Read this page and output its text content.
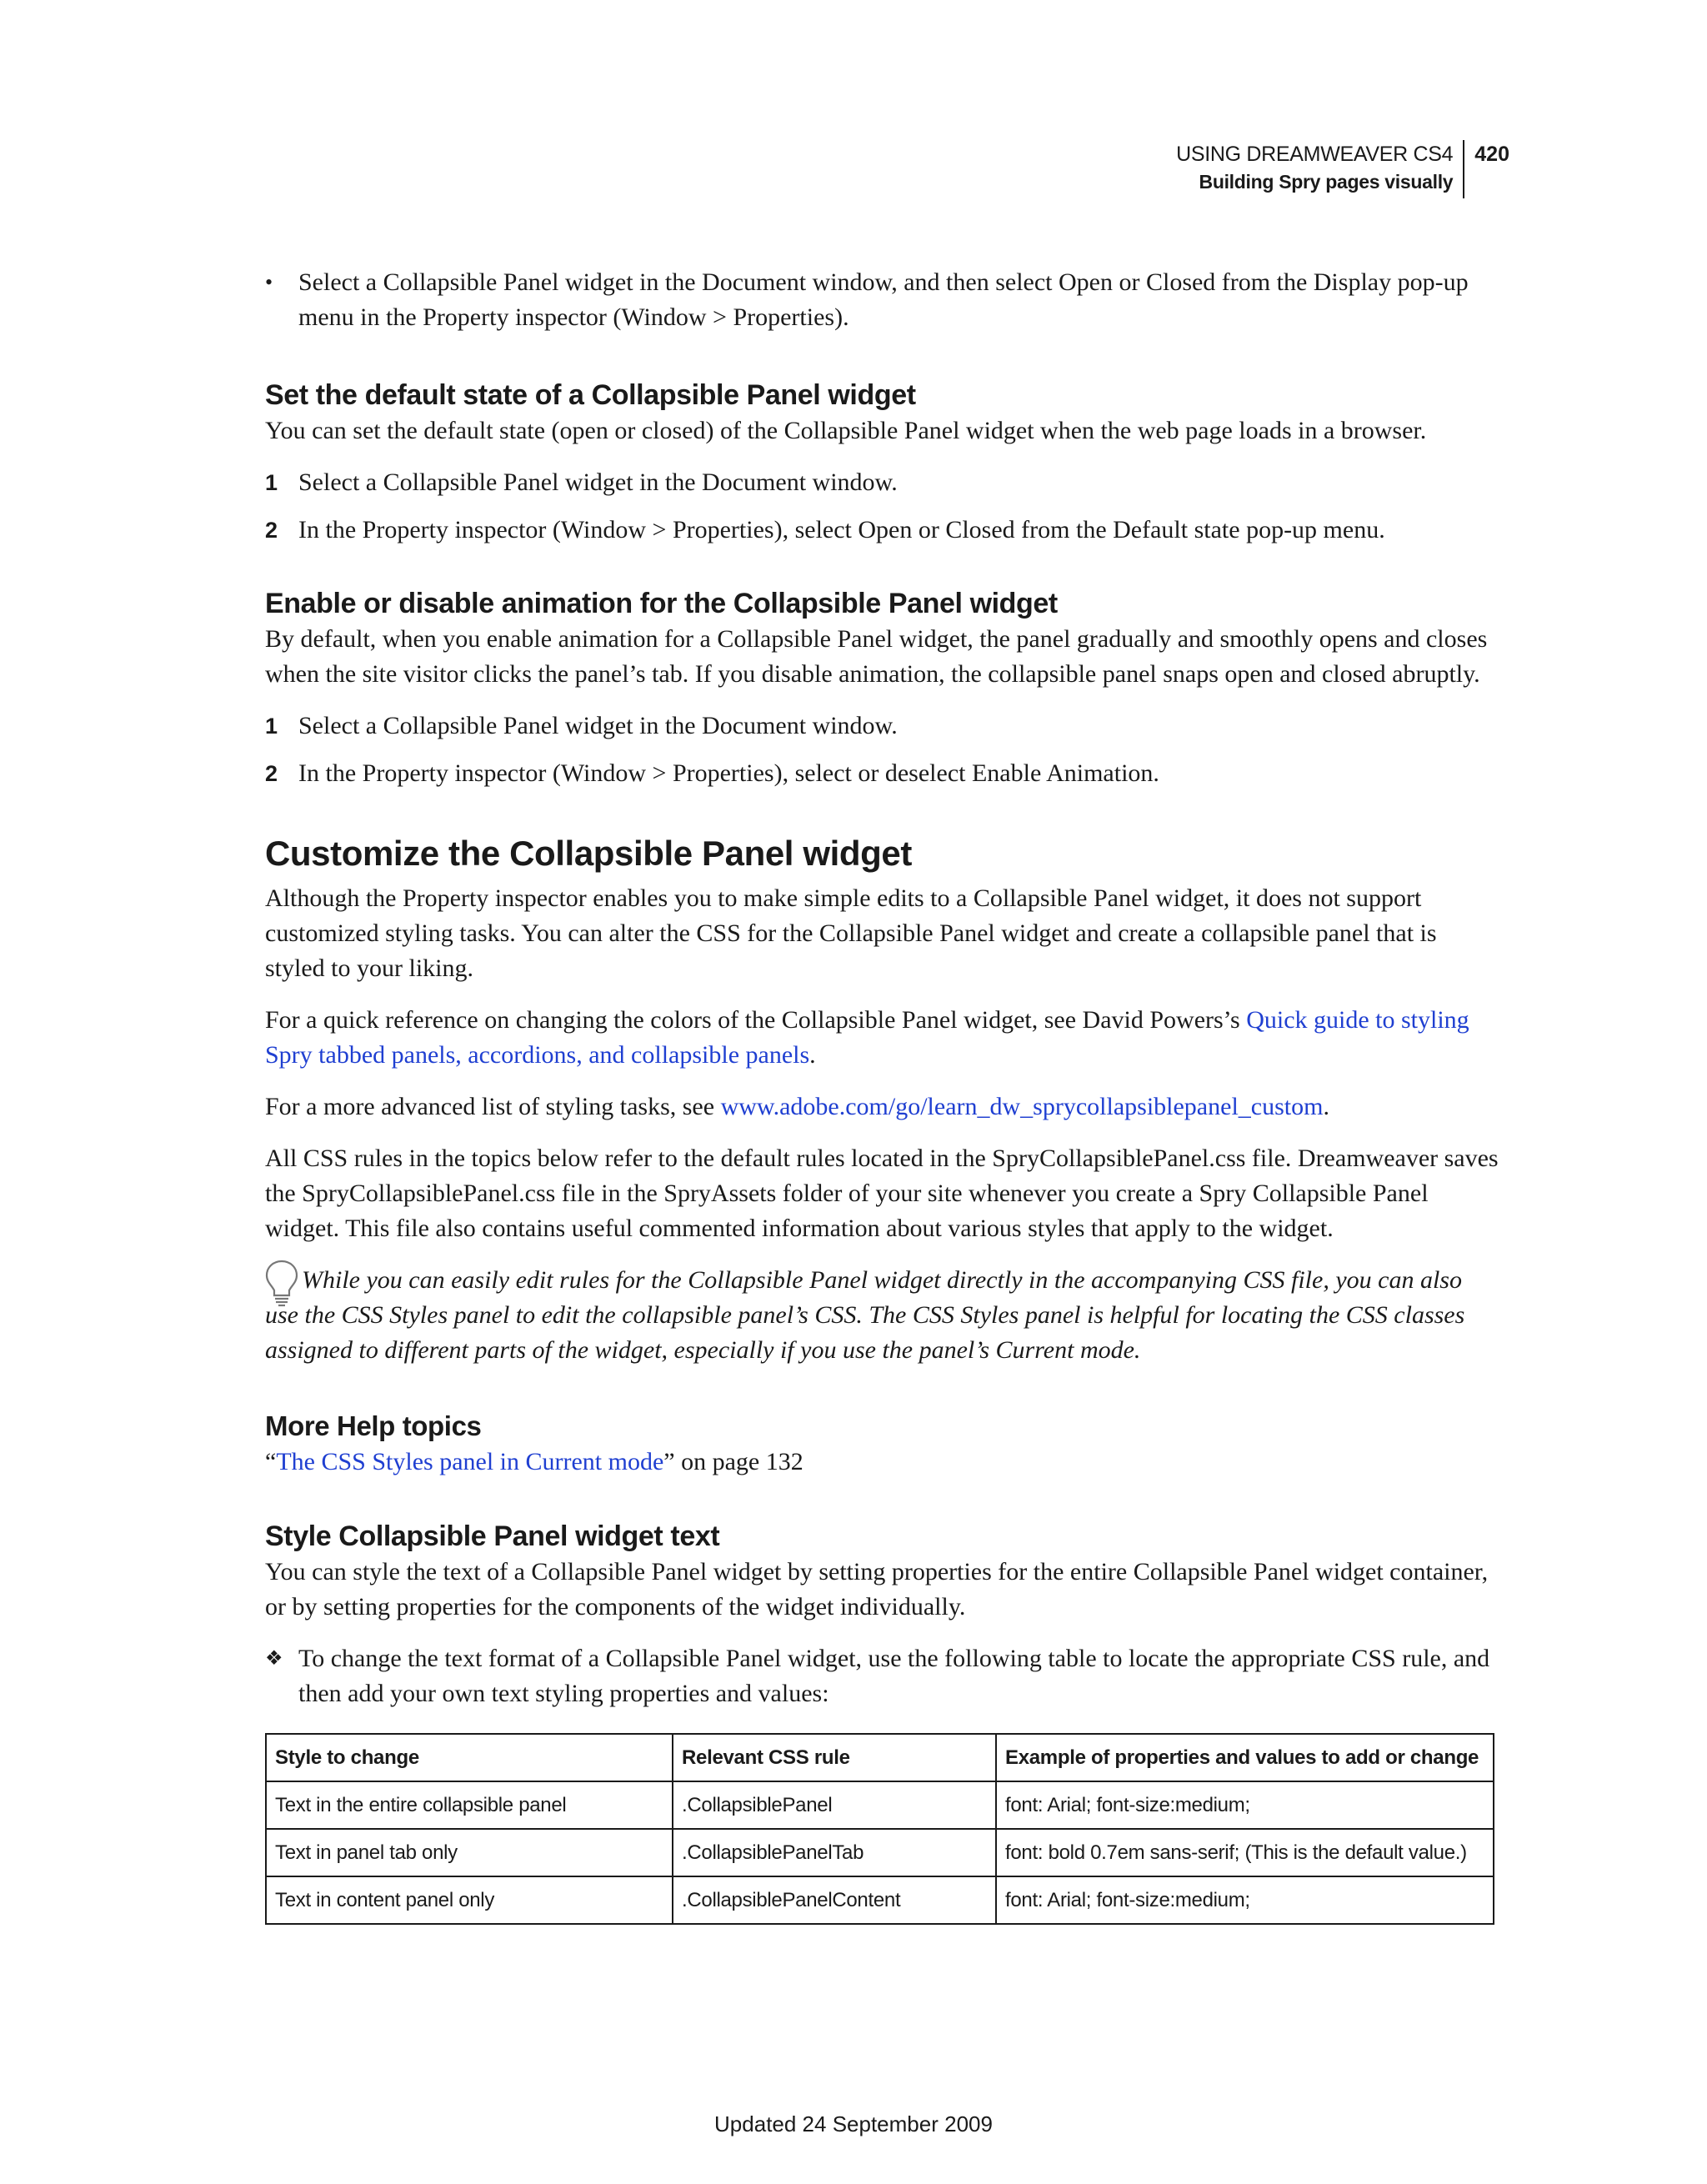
USING DREAMWEAVER CS4
Building Spry pages visually
420
•	Select a Collapsible Panel widget in the Document window, and then select Open or Closed from the Display pop-up menu in the Property inspector (Window > Properties).
Set the default state of a Collapsible Panel widget

You can set the default state (open or closed) of the Collapsible Panel widget when the web page loads in a browser.

1 Select a Collapsible Panel widget in the Document window.
2 In the Property inspector (Window > Properties), select Open or Closed from the Default state pop-up menu.
Enable or disable animation for the Collapsible Panel widget

By default, when you enable animation for a Collapsible Panel widget, the panel gradually and smoothly opens and closes when the site visitor clicks the panel’s tab. If you disable animation, the collapsible panel snaps open and closed abruptly.

1 Select a Collapsible Panel widget in the Document window.
2 In the Property inspector (Window > Properties), select or deselect Enable Animation.
Customize the Collapsible Panel widget

Although the Property inspector enables you to make simple edits to a Collapsible Panel widget, it does not support customized styling tasks. You can alter the CSS for the Collapsible Panel widget and create a collapsible panel that is styled to your liking.

For a quick reference on changing the colors of the Collapsible Panel widget, see David Powers’s Quick guide to styling Spry tabbed panels, accordions, and collapsible panels.

For a more advanced list of styling tasks, see www.adobe.com/go/learn_dw_sprycollapsiblepanel_custom.

All CSS rules in the topics below refer to the default rules located in the SpryCollapsiblePanel.css file. Dreamweaver saves the SpryCollapsiblePanel.css file in the SpryAssets folder of your site whenever you create a Spry Collapsible Panel widget. This file also contains useful commented information about various styles that apply to the widget.

While you can easily edit rules for the Collapsible Panel widget directly in the accompanying CSS file, you can also use the CSS Styles panel to edit the collapsible panel’s CSS. The CSS Styles panel is helpful for locating the CSS classes assigned to different parts of the widget, especially if you use the panel’s Current mode.

More Help topics

“The CSS Styles panel in Current mode” on page 132

Style Collapsible Panel widget text

You can style the text of a Collapsible Panel widget by setting properties for the entire Collapsible Panel widget container, or by setting properties for the components of the widget individually.

❖ To change the text format of a Collapsible Panel widget, use the following table to locate the appropriate CSS rule, and then add your own text styling properties and values:
Style to change	Relevant CSS rule	Example of properties and values to add or change
Text in the entire collapsible panel	.CollapsiblePanel	font: Arial; font-size:medium;
Text in panel tab only	.CollapsiblePanelTab	font: bold 0.7em sans-serif; (This is the default value.)
Text in content panel only	.CollapsiblePanelContent	font: Arial; font-size:medium;
Updated 24 September 2009
